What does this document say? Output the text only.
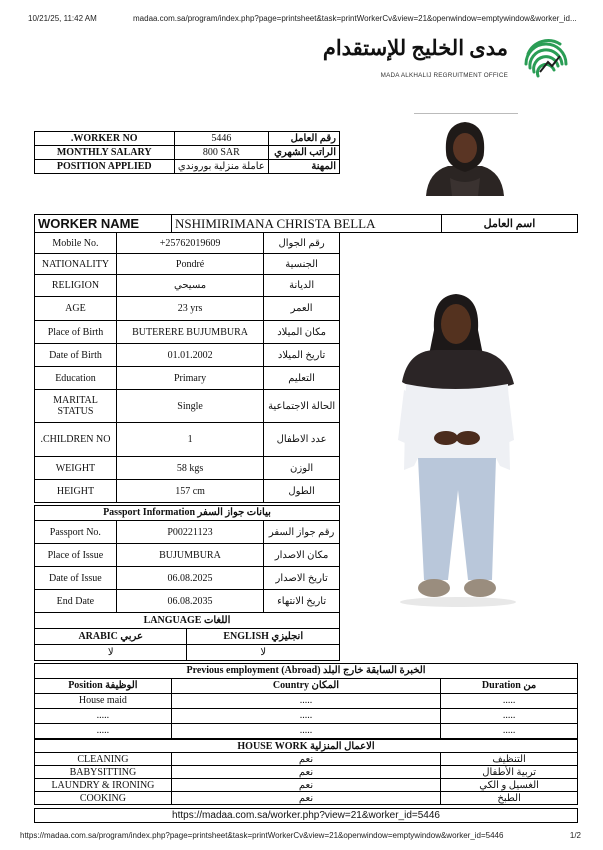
10/21/25, 11:42 AM	madaa.com.sa/program/index.php?page=printsheet&task=printWorkerCv&view=21&openwindow=emptywindow&worker_id...
مدى الخليج للإستقدام
MADA ALKHALIJ REGRUITMENT OFFICE
.WORKER NO	5446	رقم العامل
MONTHLY SALARY	800 SAR	الراتب الشهري
POSITION APPLIED	عاملة منزلية بوروندي	المهنة
WORKER NAME	NSHIMIRIMANA CHRISTA BELLA	اسم العامل
Mobile No.	+25762019609	رقم الجوال
NATIONALITY	Pondré	الجنسية
RELIGION	مسيحي	الديانة
AGE	23 yrs	العمر
Place of Birth	BUTERERE BUJUMBURA	مكان الميلاد
Date of Birth	01.01.2002	تاريخ الميلاد
Education	Primary	التعليم
MARITAL STATUS	Single	الحالة الاجتماعية
.CHILDREN NO	1	عدد الاطفال
WEIGHT	58 kgs	الوزن
HEIGHT	157 cm	الطول
Passport Information بيانات جواز السفر
Passport No.	P00221123	رقم جواز السفر
Place of Issue	BUJUMBURA	مكان الاصدار
Date of Issue	06.08.2025	تاريخ الاصدار
End Date	06.08.2035	تاريخ الانتهاء
LANGUAGE اللغات	
ARABIC عربي	ENGLISH انجليزي
لا	لا
Previous employment (Abroad) الخبرة السابقة خارج البلد		
Position الوظيفة	Country المكان	Duration من
House maid	.....	.....
.....	.....	.....
.....	.....	.....
HOUSE WORK الاعمال المنزلية		
CLEANING	نعم	التنظيف
BABYSITTING	نعم	تربية الأطفال
LAUNDRY & IRONING	نعم	الغسيل و الكي
COOKING	نعم	الطبخ
https://madaa.com.sa/worker.php?view=21&worker_id=5446
https://madaa.com.sa/program/index.php?page=printsheet&task=printWorkerCv&view=21&openwindow=emptywindow&worker_id=5446	1/2
